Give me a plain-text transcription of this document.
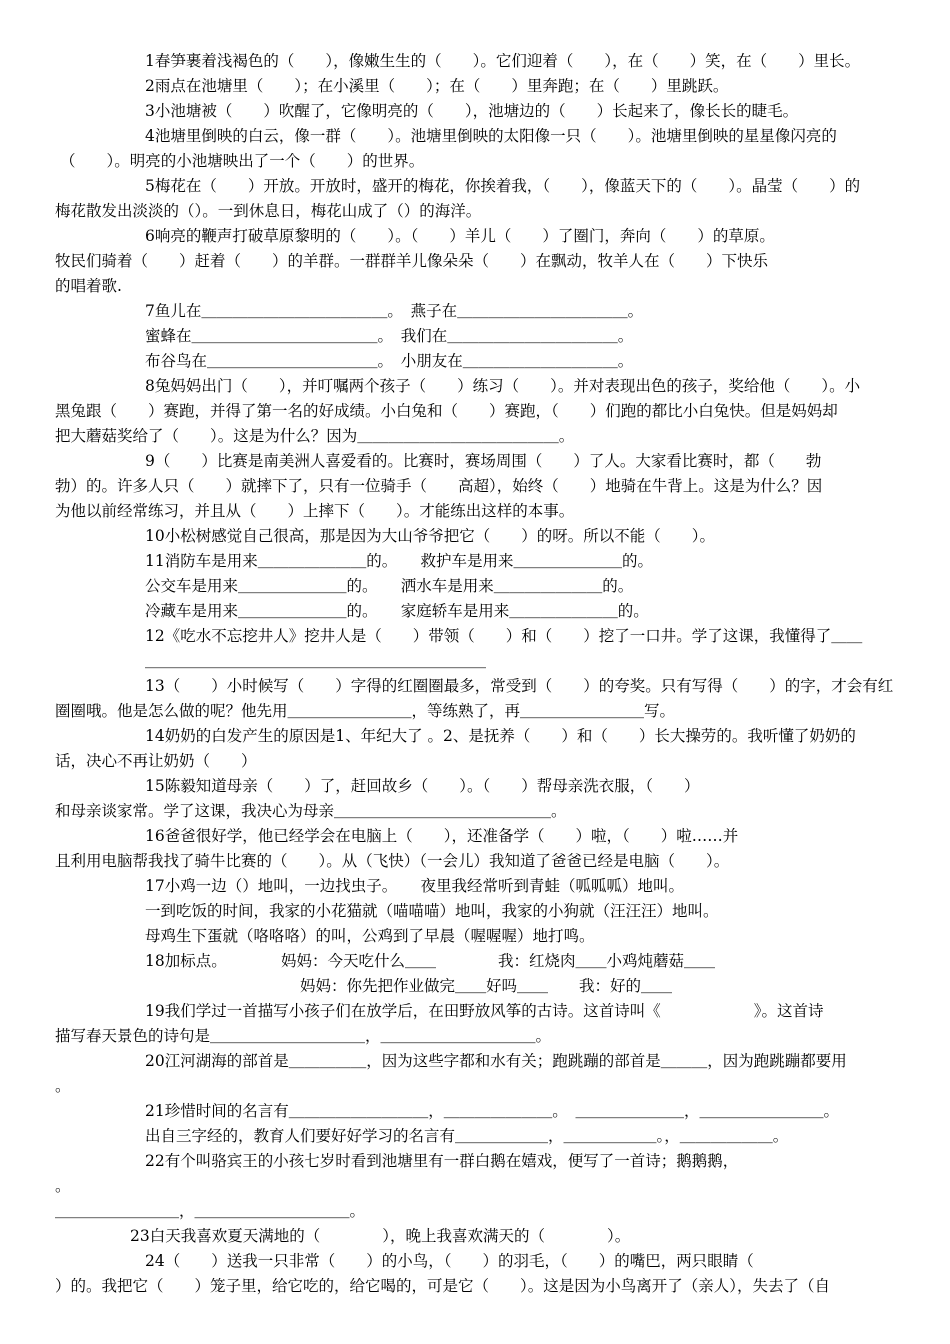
1春笋裹着浅褐色的（　　），像嫩生生的（　　）。它们迎着（　　），在（　　）笑，在（　　）里长。
2雨点在池塘里（　　）；在小溪里（　　）；在（　　）里奔跑；在（　　）里跳跃。
3小池塘被（　　）吹醒了，它像明亮的（　　），池塘边的（　　）长起来了，像长长的睫毛。
4池塘里倒映的白云，像一群（　　）。池塘里倒映的太阳像一只（　　）。池塘里倒映的星星像闪亮的
（　　）。明亮的小池塘映出了一个（　　）的世界。
5梅花在（　　）开放。开放时，盛开的梅花，你挨着我，（　　），像蓝天下的（　　）。晶莹（　　）的
梅花散发出淡淡的（）。一到休息日，梅花山成了（）的海洋。
6响亮的鞭声打破草原黎明的（　　）。（　　）羊儿（　　）了圈门，奔向（　　）的草原。
牧民们骑着（　　）赶着（　　）的羊群。一群群羊儿像朵朵（　　）在飘动，牧羊人在（　　）下快乐
的唱着歌.
7鱼儿在＿＿＿＿＿＿＿＿＿＿＿＿。　燕子在＿＿＿＿＿＿＿＿＿＿＿。
蜜蜂在＿＿＿＿＿＿＿＿＿＿＿＿。　我们在＿＿＿＿＿＿＿＿＿＿＿。
布谷鸟在＿＿＿＿＿＿＿＿＿＿＿。　小朋友在＿＿＿＿＿＿＿＿＿＿。
8兔妈妈出门（　　），并叮嘱两个孩子（　　）练习（　　）。并对表现出色的孩子，奖给他（　　）。小
黑兔跟（　　）赛跑，并得了第一名的好成绩。小白兔和（　　）赛跑，（　　）们跑的都比小白兔快。但是妈妈却
把大蘑菇奖给了（　　）。这是为什么？因为＿＿＿＿＿＿＿＿＿＿＿＿＿。
9（　　）比赛是南美洲人喜爱看的。比赛时，赛场周围（　　）了人。大家看比赛时，都（　　勃
勃）的。许多人只（　　）就摔下了，只有一位骑手（　　高超），始终（　　）地骑在牛背上。这是为什么？因
为他以前经常练习，并且从（　　）上摔下（　　）。才能练出这样的本事。
10小松树感觉自己很高，那是因为大山爷爷把它（　　）的呀。所以不能（　　）。
11消防车是用来＿＿＿＿＿＿＿的。　　救护车是用来＿＿＿＿＿＿＿的。
公交车是用来＿＿＿＿＿＿＿的。　　洒水车是用来＿＿＿＿＿＿＿的。
冷藏车是用来＿＿＿＿＿＿＿的。　　家庭轿车是用来＿＿＿＿＿＿＿的。
12《吃水不忘挖井人》挖井人是（　　）带领（　　）和（　　）挖了一口井。学了这课，我懂得了＿＿
＿＿＿＿＿＿＿＿＿＿＿＿＿＿＿＿＿＿＿＿＿＿
13（　　）小时候写（　　）字得的红圈圈最多，常受到（　　）的夸奖。只有写得（　　）的字，才会有红
圈圈哦。他是怎么做的呢？他先用＿＿＿＿＿＿＿＿，等练熟了，再＿＿＿＿＿＿＿＿写。
14奶奶的白发产生的原因是1、年纪大了 。2、是抚养（　　）和（　　）长大操劳的。我听懂了奶奶的
话，决心不再让奶奶（　　）
15陈毅知道母亲（　　）了，赶回故乡（　　）。（　　）帮母亲洗衣服，（　　）
和母亲谈家常。学了这课，我决心为母亲＿＿＿＿＿＿＿＿＿＿＿＿＿＿。
16爸爸很好学，他已经学会在电脑上（　　），还准备学（　　）啦，（　　）啦……并
且利用电脑帮我找了骑牛比赛的（　　）。从（飞快）（一会儿）我知道了爸爸已经是电脑（　　）。
17小鸡一边（）地叫，一边找虫子。　　夜里我经常听到青蛙（呱呱呱）地叫。
一到吃饭的时间，我家的小花猫就（喵喵喵）地叫，我家的小狗就（汪汪汪）地叫。
母鸡生下蛋就（咯咯咯）的叫，公鸡到了早晨（喔喔喔）地打鸣。
18加标点。　　　　妈妈：今天吃什么＿＿　　　　我：红烧肉＿＿小鸡炖蘑菇＿＿
妈妈：你先把作业做完＿＿好吗＿＿　　我：好的＿＿
19我们学过一首描写小孩子们在放学后，在田野放风筝的古诗。这首诗叫《　　　　　　》。这首诗
描写春天景色的诗句是＿＿＿＿＿＿＿＿＿＿，＿＿＿＿＿＿＿＿＿＿。
20江河湖海的部首是＿＿＿＿＿，因为这些字都和水有关；跑跳蹦的部首是＿＿＿，因为跑跳蹦都要用
。
21珍惜时间的名言有＿＿＿＿＿＿＿＿＿，＿＿＿＿＿＿＿。　＿＿＿＿＿＿＿，＿＿＿＿＿＿＿＿。
出自三字经的，教育人们要好好学习的名言有＿＿＿＿＿＿，＿＿＿＿＿＿。，＿＿＿＿＿＿。
22有个叫骆宾王的小孩七岁时看到池塘里有一群白鹅在嬉戏，便写了一首诗；鹅鹅鹅，
。
＿＿＿＿＿＿＿＿，＿＿＿＿＿＿＿＿＿＿。
23白天我喜欢夏天满地的（　　　　），晚上我喜欢满天的（　　　　）。
24（　　）送我一只非常（　　）的小鸟，（　　）的羽毛，（　　）的嘴巴，两只眼睛（
）的。我把它（　　）笼子里，给它吃的，给它喝的，可是它（　　）。这是因为小鸟离开了（亲人），失去了（自
